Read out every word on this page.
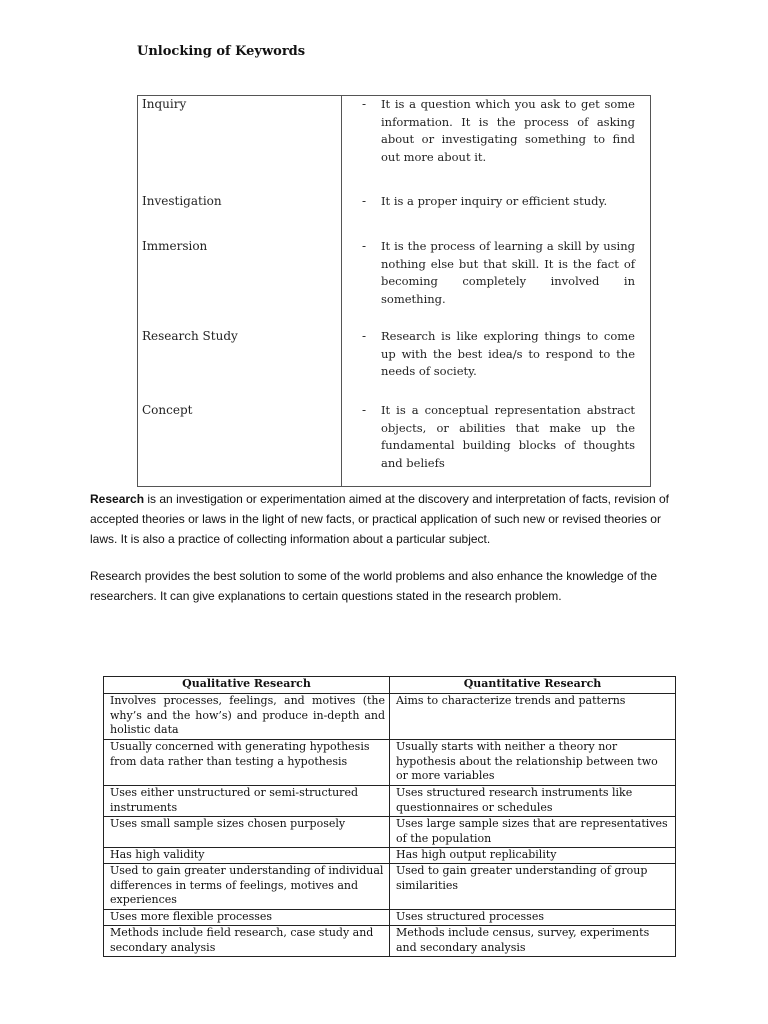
Unlocking of Keywords
Inquiry	- It is a question which you ask to get some information. It is the process of asking about or investigating something to find out more about it.
Investigation	- It is a proper inquiry or efficient study.
Immersion	- It is the process of learning a skill by using nothing else but that skill. It is the fact of becoming completely involved in something.
Research Study	- Research is like exploring things to come up with the best idea/s to respond to the needs of society.
Concept	- It is a conceptual representation abstract objects, or abilities that make up the fundamental building blocks of thoughts and beliefs

Research is an investigation or experimentation aimed at the discovery and interpretation of facts, revision of accepted theories or laws in the light of new facts, or practical application of such new or revised theories or laws. It is also a practice of collecting information about a particular subject.

Research provides the best solution to some of the world problems and also enhance the knowledge of the researchers. It can give explanations to certain questions stated in the research problem.

Qualitative Research	Quantitative Research
Involves processes, feelings, and motives (the why’s and the how’s) and produce in-depth and holistic data	Aims to characterize trends and patterns
Usually concerned with generating hypothesis from data rather than testing a hypothesis	Usually starts with neither a theory nor hypothesis about the relationship between two or more variables
Uses either unstructured or semi-structured instruments	Uses structured research instruments like questionnaires or schedules
Uses small sample sizes chosen purposely	Uses large sample sizes that are representatives of the population
Has high validity	Has high output replicability
Used to gain greater understanding of individual differences in terms of feelings, motives and experiences	Used to gain greater understanding of group similarities
Uses more flexible processes	Uses structured processes
Methods include field research, case study and secondary analysis	Methods include census, survey, experiments and secondary analysis
